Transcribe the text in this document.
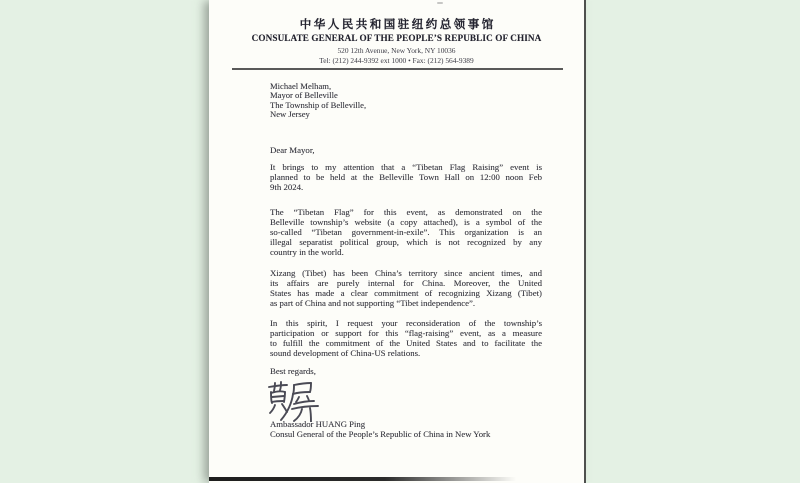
中华人民共和国驻纽约总领事馆
CONSULATE GENERAL OF THE PEOPLE’S REPUBLIC OF CHINA
520 12th Avenue, New York, NY 10036
Tel: (212) 244-9392 ext 1000 • Fax: (212) 564-9389
Michael Melham,
Mayor of Belleville
The Township of Belleville,
New Jersey
Dear Mayor,
It brings to my attention that a “Tibetan Flag Raising” event is
planned to be held at the Belleville Town Hall on 12:00 noon Feb
9th 2024.
The “Tibetan Flag” for this event, as demonstrated on the
Belleville township’s website (a copy attached), is a symbol of the
so-called “Tibetan government-in-exile”. This organization is an
illegal separatist political group, which is not recognized by any
country in the world.
Xizang (Tibet) has been China’s territory since ancient times, and
its affairs are purely internal for China. Moreover, the United
States has made a clear commitment of recognizing Xizang (Tibet)
as part of China and not supporting “Tibet independence”.
In this spirit, I request your reconsideration of the township’s
participation or support for this “flag-raising” event, as a measure
to fulfill the commitment of the United States and to facilitate the
sound development of China-US relations.
Best regards,
Ambassador HUANG Ping
Consul General of the People’s Republic of China in New York
